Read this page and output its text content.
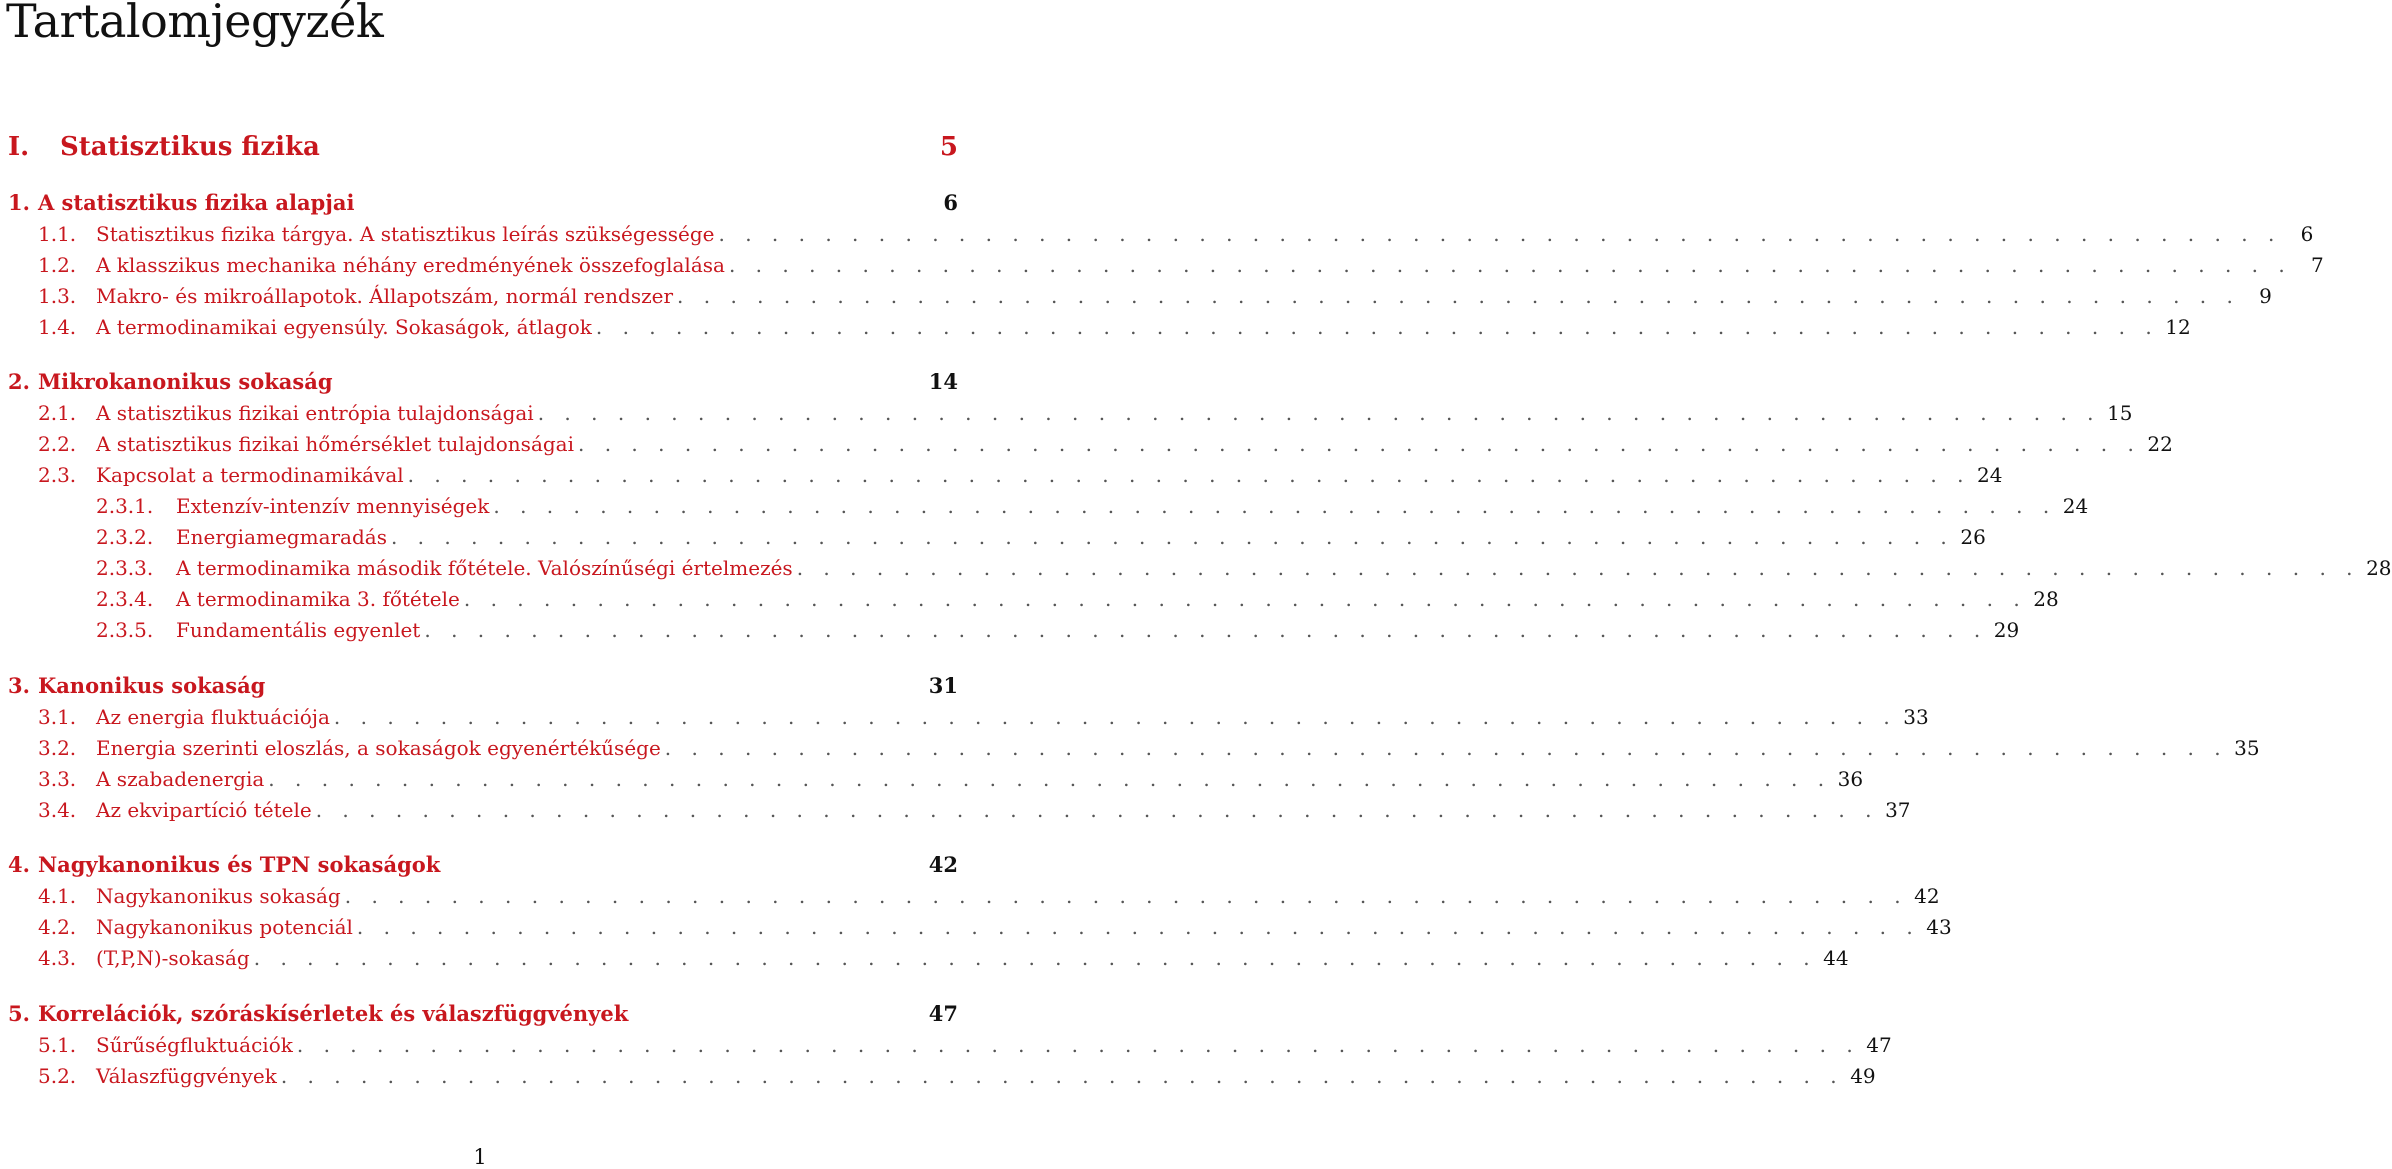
Tartalomjegyzék
I.	Statisztikus fizika	5
1. A statisztikus fizika alapjai	6
1.1. Statisztikus fizika tárgya. A statisztikus leírás szükségessége . . . . . . . . . . . . . . . . . . . . . . . . . . . . . . . . . . . . . . . . . . . . . . . . . . . . . . . . . . . 6
1.2. A klasszikus mechanika néhány eredményének összefoglalása . . . . . . . . . . . . . . . . . . . . . . . . . . . . . . . . . . . . . . . . . . . . . . . . . . . . . . . . . . . 7
1.3. Makro- és mikroállapotok. Állapotszám, normál rendszer . . . . . . . . . . . . . . . . . . . . . . . . . . . . . . . . . . . . . . . . . . . . . . . . . . . . . . . . . . . 9
1.4. A termodinamikai egyensúly. Sokaságok, átlagok . . . . . . . . . . . . . . . . . . . . . . . . . . . . . . . . . . . . . . . . . . . . . . . . . . . . . . . . . . . 12
2. Mikrokanonikus sokaság	14
2.1. A statisztikus fizikai entrópia tulajdonságai . . . . . . . . . . . . . . . . . . . . . . . . . . . . . . . . . . . . . . . . . . . . . . . . . . . . . . . . . . . 15
2.2. A statisztikus fizikai hőmérséklet tulajdonságai . . . . . . . . . . . . . . . . . . . . . . . . . . . . . . . . . . . . . . . . . . . . . . . . . . . . . . . . . . . 22
2.3. Kapcsolat a termodinamikával . . . . . . . . . . . . . . . . . . . . . . . . . . . . . . . . . . . . . . . . . . . . . . . . . . . . . . . . . . . 24
2.3.1.	Extenzív-intenzív mennyiségek . . . . . . . . . . . . . . . . . . . . . . . . . . . . . . . . . . . . . . . . . . . . . . . . . . . . . . . . . . . 24
2.3.2.	Energiamegmaradás . . . . . . . . . . . . . . . . . . . . . . . . . . . . . . . . . . . . . . . . . . . . . . . . . . . . . . . . . . . 26
2.3.3.	A termodinamika második főtétele. Valószínűségi értelmezés . . . . . . . . . . . . . . . . . . . . . . . . . . . . . . . . . . . . . . . . . . . . . . . . . . . . . . . . . . . 28
2.3.4.	A termodinamika 3. főtétele . . . . . . . . . . . . . . . . . . . . . . . . . . . . . . . . . . . . . . . . . . . . . . . . . . . . . . . . . . . 28
2.3.5.	Fundamentális egyenlet . . . . . . . . . . . . . . . . . . . . . . . . . . . . . . . . . . . . . . . . . . . . . . . . . . . . . . . . . . . 29
3. Kanonikus sokaság	31
3.1. Az energia fluktuációja . . . . . . . . . . . . . . . . . . . . . . . . . . . . . . . . . . . . . . . . . . . . . . . . . . . . . . . . . . . 33
3.2. Energia szerinti eloszlás, a sokaságok egyenértékűsége . . . . . . . . . . . . . . . . . . . . . . . . . . . . . . . . . . . . . . . . . . . . . . . . . . . . . . . . . . . 35
3.3. A szabadenergia . . . . . . . . . . . . . . . . . . . . . . . . . . . . . . . . . . . . . . . . . . . . . . . . . . . . . . . . . . . 36
3.4. Az ekvipartíció tétele . . . . . . . . . . . . . . . . . . . . . . . . . . . . . . . . . . . . . . . . . . . . . . . . . . . . . . . . . . . 37
4. Nagykanonikus és TPN sokaságok	42
4.1. Nagykanonikus sokaság . . . . . . . . . . . . . . . . . . . . . . . . . . . . . . . . . . . . . . . . . . . . . . . . . . . . . . . . . . . 42
4.2. Nagykanonikus potenciál . . . . . . . . . . . . . . . . . . . . . . . . . . . . . . . . . . . . . . . . . . . . . . . . . . . . . . . . . . . 43
4.3. (T,P,N)-sokaság . . . . . . . . . . . . . . . . . . . . . . . . . . . . . . . . . . . . . . . . . . . . . . . . . . . . . . . . . . . 44
5. Korrelációk, szóráskísérletek és válaszfüggvények	47
5.1. Sűrűségfluktuációk . . . . . . . . . . . . . . . . . . . . . . . . . . . . . . . . . . . . . . . . . . . . . . . . . . . . . . . . . . . 47
5.2. Válaszfüggvények . . . . . . . . . . . . . . . . . . . . . . . . . . . . . . . . . . . . . . . . . . . . . . . . . . . . . . . . . . . 49
1
